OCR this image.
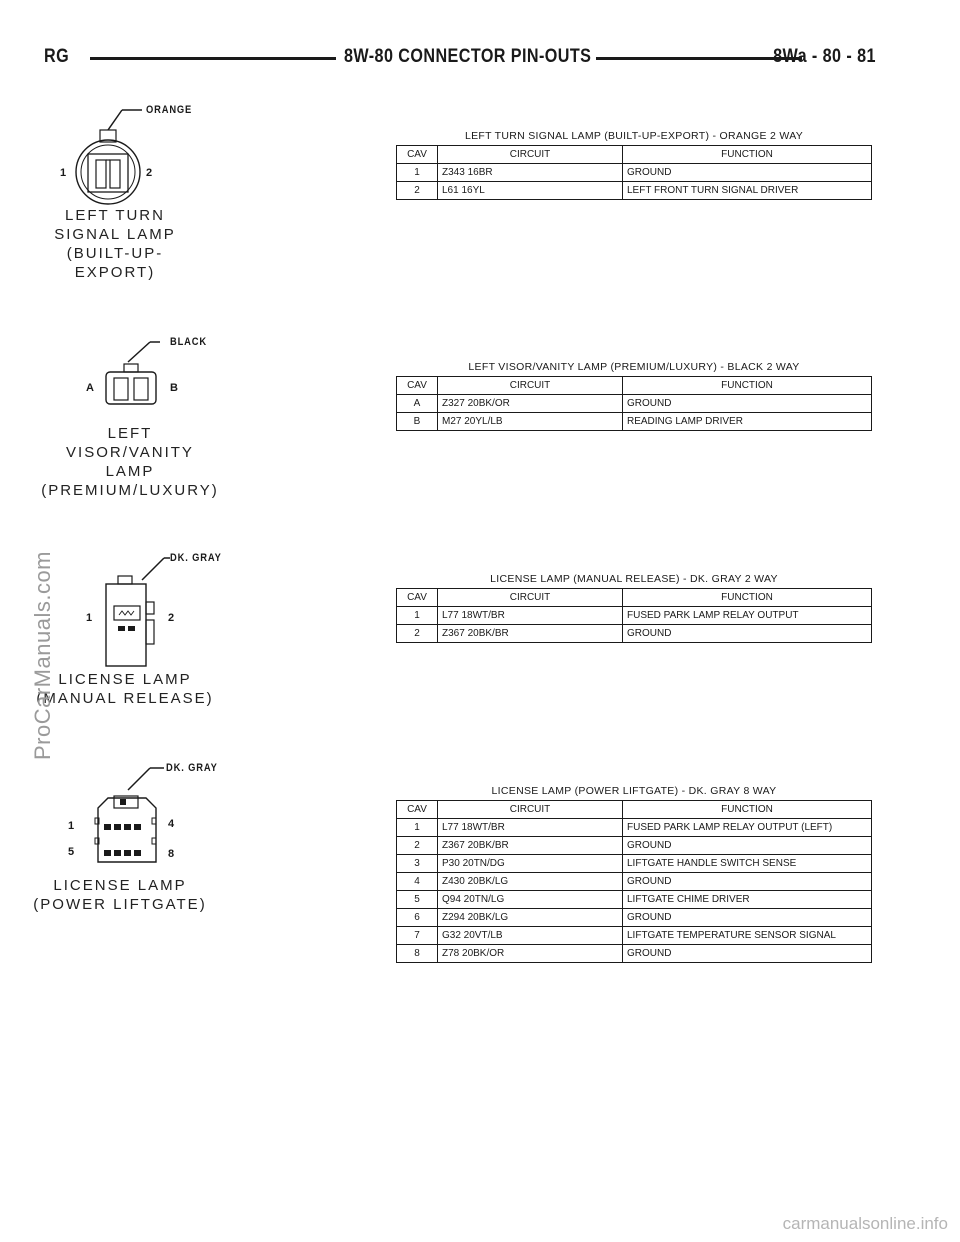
RG	8W-80 CONNECTOR PIN-OUTS	8Wa - 80 - 81
ORANGE
1	2
LEFT TURN
SIGNAL LAMP
(BUILT-UP-
EXPORT)
LEFT TURN SIGNAL LAMP (BUILT-UP-EXPORT) - ORANGE 2 WAY
CAV	CIRCUIT	FUNCTION
1	Z343 16BR	GROUND
2	L61 16YL	LEFT FRONT TURN SIGNAL DRIVER
BLACK
A	B
LEFT
VISOR/VANITY
LAMP
(PREMIUM/LUXURY)
LEFT VISOR/VANITY LAMP (PREMIUM/LUXURY) - BLACK 2 WAY
CAV	CIRCUIT	FUNCTION
A	Z327 20BK/OR	GROUND
B	M27 20YL/LB	READING LAMP DRIVER
DK. GRAY
1	2
LICENSE LAMP
(MANUAL RELEASE)
LICENSE LAMP (MANUAL RELEASE) - DK. GRAY 2 WAY
CAV	CIRCUIT	FUNCTION
1	L77 18WT/BR	FUSED PARK LAMP RELAY OUTPUT
2	Z367 20BK/BR	GROUND
DK. GRAY
1	4
5	8
LICENSE LAMP
(POWER LIFTGATE)
LICENSE LAMP (POWER LIFTGATE) - DK. GRAY 8 WAY
CAV	CIRCUIT	FUNCTION
1	L77 18WT/BR	FUSED PARK LAMP RELAY OUTPUT (LEFT)
2	Z367 20BK/BR	GROUND
3	P30 20TN/DG	LIFTGATE HANDLE SWITCH SENSE
4	Z430 20BK/LG	GROUND
5	Q94 20TN/LG	LIFTGATE CHIME DRIVER
6	Z294 20BK/LG	GROUND
7	G32 20VT/LB	LIFTGATE TEMPERATURE SENSOR SIGNAL
8	Z78 20BK/OR	GROUND
ProCarManuals.com
carmanualsonline.info
